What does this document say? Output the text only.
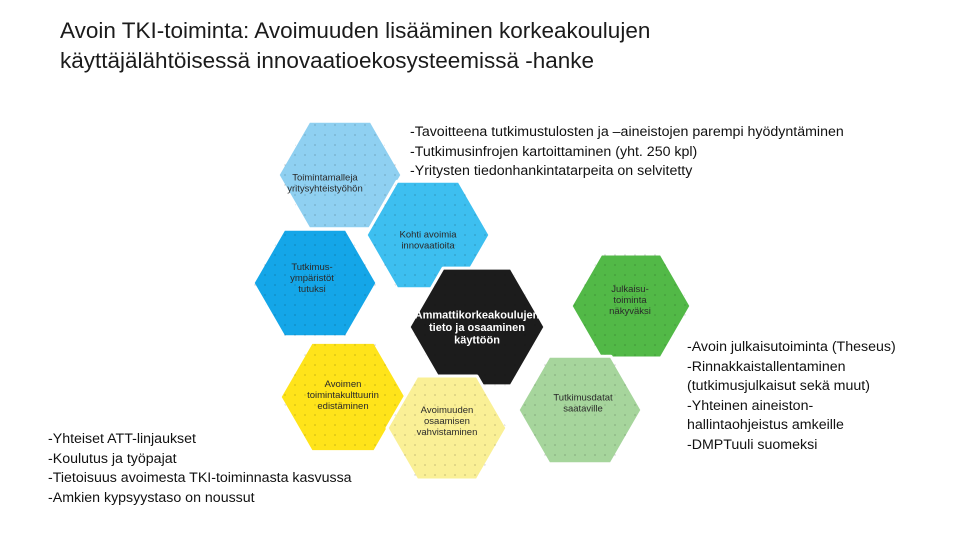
Avoin TKI-toiminta: Avoimuuden lisääminen korkeakoulujen
käyttäjälähtöisessä innovaatioekosysteemissä -hanke
Toimintamalleja
yritysyhteistyöhön
Kohti avoimia
innovaatioita
Tutkimus-
ympäristöt
tutuksi
Ammattikorkeakoulujen
tieto ja osaaminen
käyttöön
Julkaisu-
toiminta
näkyväksi
Avoimen
toimintakulttuurin
edistäminen	Avoimuuden
osaamisen
vahvistaminen
Tutkimusdatat
saataville
-Tavoitteena tutkimustulosten ja –aineistojen parempi hyödyntäminen
-Tutkimusinfrojen kartoittaminen (yht. 250 kpl)
-Yritysten tiedonhankintatarpeita on selvitetty
-Avoin julkaisutoiminta (Theseus)
-Rinnakkaistallentaminen
(tutkimusjulkaisut sekä muut)
-Yhteinen aineiston-
hallintaohjeistus amkeille
-DMPTuuli suomeksi
-Yhteiset ATT-linjaukset
-Koulutus ja työpajat
-Tietoisuus avoimesta TKI-toiminnasta kasvussa
-Amkien kypsyystaso on noussut
